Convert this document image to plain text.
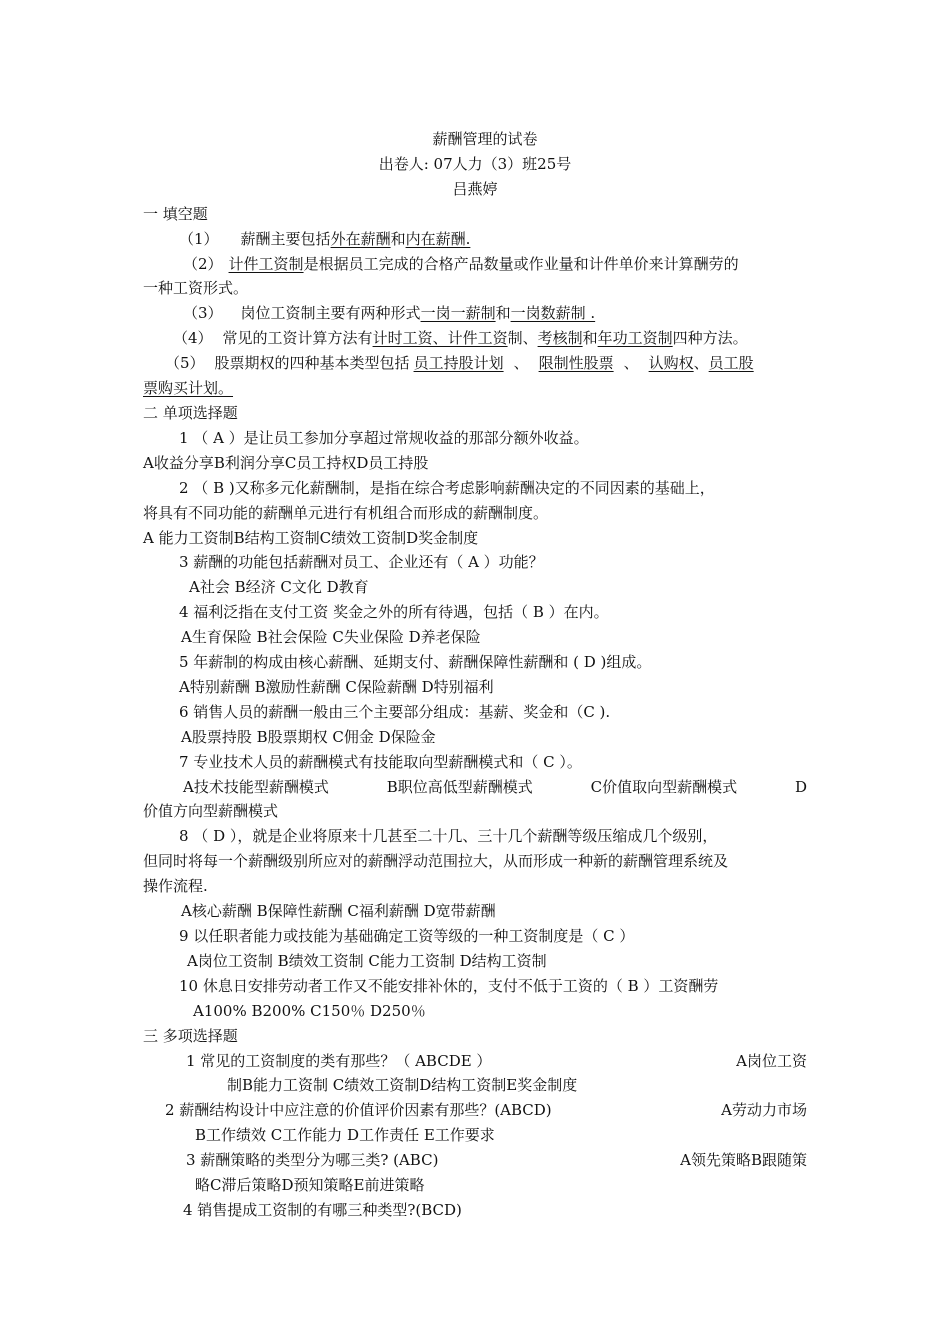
薪酬管理的试卷
出卷人: 07人力（3）班25号
吕燕婷

一 填空题

（1） 薪酬主要包括外在薪酬和内在薪酬.

（2） 计件工资制是根据员工完成的合格产品数量或作业量和计件单价来计算酬劳的

一种工资形式。

（3） 岗位工资制主要有两种形式一岗一薪制和一岗数薪制 .

（4） 常见的工资计算方法有计时工资、计件工资制、考核制和年功工资制四种方法。

（5） 股票期权的四种基本类型包括 员工持股计划 、 限制性股票 、 认购权、员工股

票购买计划。

二 单项选择题

1 （ A ）是让员工参加分享超过常规收益的那部分额外收益。

A收益分享B利润分享C员工持权D员工持股

2 （ B )又称多元化薪酬制，是指在综合考虑影响薪酬决定的不同因素的基础上，

将具有不同功能的薪酬单元进行有机组合而形成的薪酬制度。

A 能力工资制B结构工资制C绩效工资制D奖金制度

3 薪酬的功能包括薪酬对员工、企业还有（ A ）功能？

A社会 B经济 C文化 D教育

4 福利泛指在支付工资 奖金之外的所有待遇，包括（ B ）在内。

A生育保险 B社会保险 C失业保险 D养老保险

5 年薪制的构成由核心薪酬、延期支付、薪酬保障性薪酬和 ( D )组成。

A特别薪酬 B激励性薪酬 C保险薪酬 D特别福利

6 销售人员的薪酬一般由三个主要部分组成：基薪、奖金和（C ).

A股票持股 B股票期权 C佣金 D保险金

7 专业技术人员的薪酬模式有技能取向型薪酬模式和（ C ）。

A技术技能型薪酬模式	B职位高低型薪酬模式	C价值取向型薪酬模式	D

价值方向型薪酬模式

8 （ D ），就是企业将原来十几甚至二十几、三十几个薪酬等级压缩成几个级别，

但同时将每一个薪酬级别所应对的薪酬浮动范围拉大，从而形成一种新的薪酬管理系统及

操作流程.

A核心薪酬 B保障性薪酬 C福利薪酬 D宽带薪酬

9 以任职者能力或技能为基础确定工资等级的一种工资制度是（ C ）

A岗位工资制 B绩效工资制 C能力工资制 D结构工资制

10 休息日安排劳动者工作又不能安排补休的，支付不低于工资的（ B ）工资酬劳

A100% B200% C150％ D250％

三 多项选择题

1 常见的工资制度的类有那些？（ ABCDE ）	A岗位工资

制B能力工资制 C绩效工资制D结构工资制E奖金制度

2 薪酬结构设计中应注意的价值评价因素有那些？(ABCD)	A劳动力市场

B工作绩效 C工作能力 D工作责任 E工作要求

3 薪酬策略的类型分为哪三类? (ABC)	A领先策略B跟随策

略C滞后策略D预知策略E前进策略

4 销售提成工资制的有哪三种类型?(BCD)
